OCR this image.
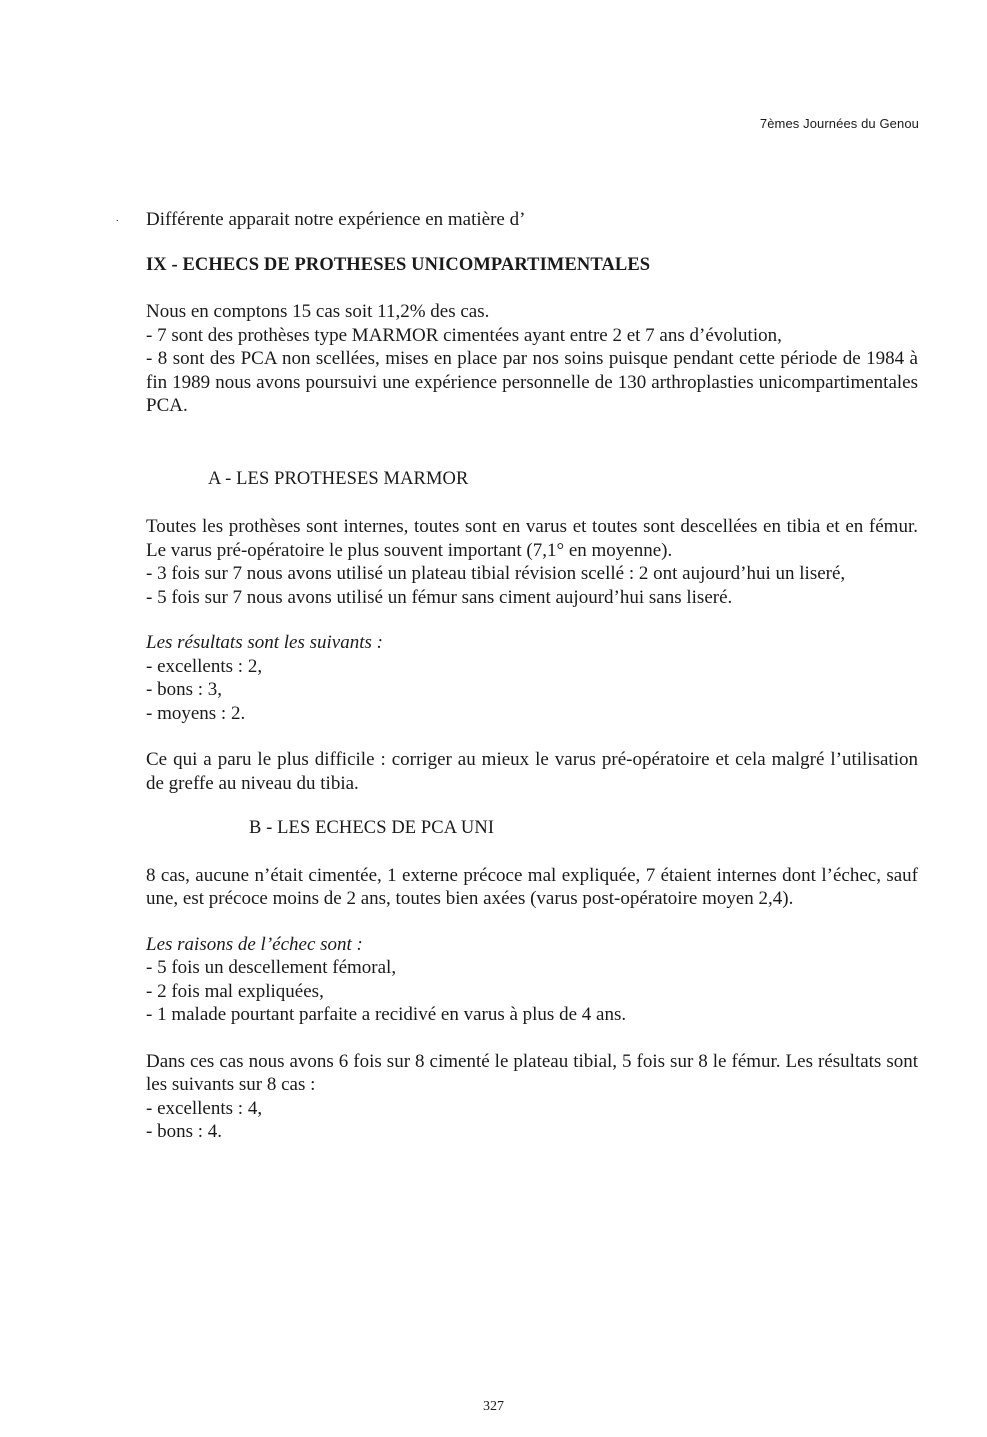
7èmes Journées du Genou
. Différente apparait notre expérience en matière d’

IX - ECHECS DE PROTHESES UNICOMPARTIMENTALES

Nous en comptons 15 cas soit 11,2% des cas.

- 7 sont des prothèses type MARMOR cimentées ayant entre 2 et 7 ans d’évolution,

- 8 sont des PCA non scellées, mises en place par nos soins puisque pendant cette période de 1984 à fin 1989 nous avons poursuivi une expérience personnelle de 130 arthroplasties unicompartimentales PCA.

A - LES PROTHESES MARMOR

Toutes les prothèses sont internes, toutes sont en varus et toutes sont descellées en tibia et en fémur. Le varus pré-opératoire le plus souvent important (7,1° en moyenne).

- 3 fois sur 7 nous avons utilisé un plateau tibial révision scellé : 2 ont aujourd’hui un liseré,

- 5 fois sur 7 nous avons utilisé un fémur sans ciment aujourd’hui sans liseré.

Les résultats sont les suivants :

- excellents : 2,

- bons : 3,

- moyens : 2.

Ce qui a paru le plus difficile : corriger au mieux le varus pré-opératoire et cela malgré l’utilisation de greffe au niveau du tibia.

B - LES ECHECS DE PCA UNI

8 cas, aucune n’était cimentée, 1 externe précoce mal expliquée, 7 étaient internes dont l’échec, sauf une, est précoce moins de 2 ans, toutes bien axées (varus post-opératoire moyen 2,4).

Les raisons de l’échec sont :

- 5 fois un descellement fémoral,

- 2 fois mal expliquées,

- 1 malade pourtant parfaite a recidivé en varus à plus de 4 ans.

Dans ces cas nous avons 6 fois sur 8 cimenté le plateau tibial, 5 fois sur 8 le fémur. Les résultats sont les suivants sur 8 cas :

- excellents : 4,

- bons : 4.

327
